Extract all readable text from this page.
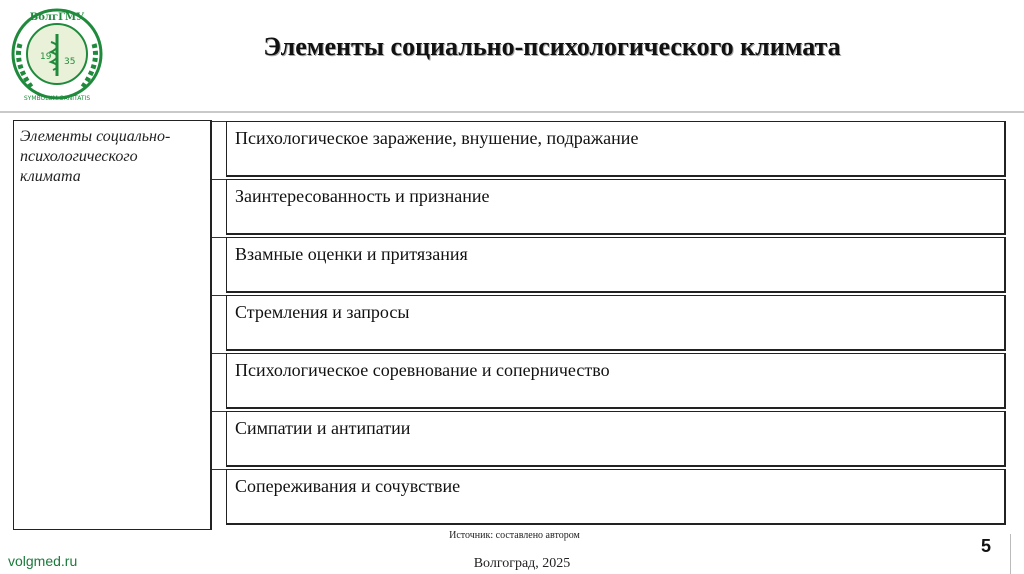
19 35
ВолгГМУ
SYMBOLUM SANITATIS
Элементы социально-психологического климата
Элементы социально-психологического климата
Психологическое заражение, внушение, подражание
Заинтересованность и признание
Взамные оценки и притязания
Стремления и запросы
Психологическое соревнование и соперничество
Симпатии и антипатии
Сопереживания и сочувствие
Источник: составлено автором
volgmed.ru	Волгоград, 2025
5
